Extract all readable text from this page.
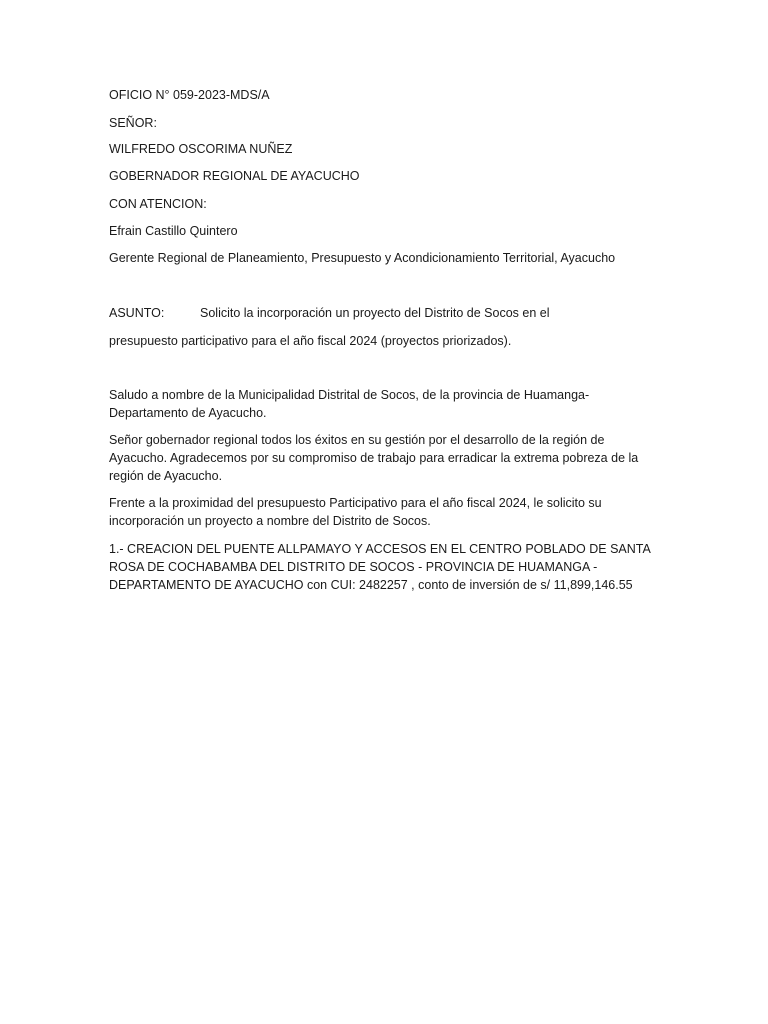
OFICIO N° 059-2023-MDS/A
SEÑOR:
WILFREDO OSCORIMA NUÑEZ
GOBERNADOR REGIONAL DE AYACUCHO
CON ATENCION:
Efrain Castillo Quintero
Gerente Regional de Planeamiento, Presupuesto y Acondicionamiento Territorial, Ayacucho
ASUNTO:	Solicito la incorporación un proyecto del Distrito de Socos en el
presupuesto participativo para el año fiscal 2024 (proyectos priorizados).
Saludo a nombre de la Municipalidad Distrital de Socos, de la provincia de Huamanga-Departamento de Ayacucho.
Señor gobernador regional todos los éxitos en su gestión por el desarrollo de la región de Ayacucho. Agradecemos por su compromiso de trabajo para erradicar la extrema pobreza de la región de Ayacucho.
Frente a la proximidad del presupuesto Participativo para el año fiscal 2024, le solicito su incorporación un proyecto a nombre del Distrito de Socos.
1.- CREACION DEL PUENTE ALLPAMAYO Y ACCESOS EN EL CENTRO POBLADO DE SANTA ROSA DE COCHABAMBA DEL DISTRITO DE SOCOS - PROVINCIA DE HUAMANGA - DEPARTAMENTO DE AYACUCHO con CUI: 2482257 , conto de inversión de s/ 11,899,146.55
